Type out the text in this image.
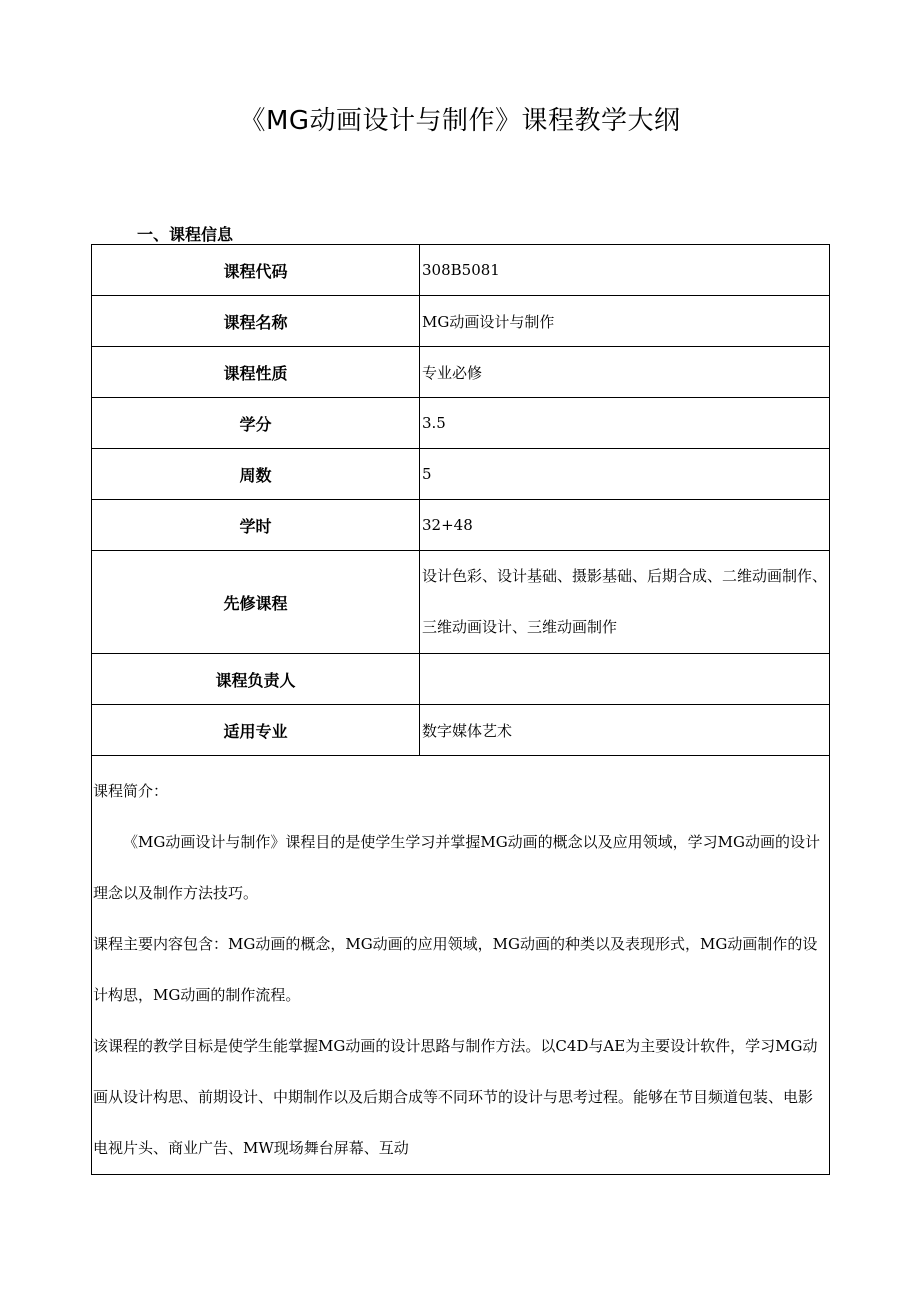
《MG动画设计与制作》课程教学大纲
一、课程信息
课程代码	308B5081
课程名称	MG动画设计与制作
课程性质	专业必修
学分	3.5
周数	5
学时	32+48
先修课程	设计色彩、设计基础、摄影基础、后期合成、二维动画制作、三维动画设计、三维动画制作
课程负责人	
适用专业	数字媒体艺术

课程简介：

《MG动画设计与制作》课程目的是使学生学习并掌握MG动画的概念以及应用领域，学习MG动画的设计理念以及制作方法技巧。

课程主要内容包含：MG动画的概念，MG动画的应用领域，MG动画的种类以及表现形式，MG动画制作的设计构思，MG动画的制作流程。

该课程的教学目标是使学生能掌握MG动画的设计思路与制作方法。以C4D与AE为主要设计软件，学习MG动画从设计构思、前期设计、中期制作以及后期合成等不同环节的设计与思考过程。能够在节目频道包装、电影电视片头、商业广告、MW现场舞台屏幕、互动	
